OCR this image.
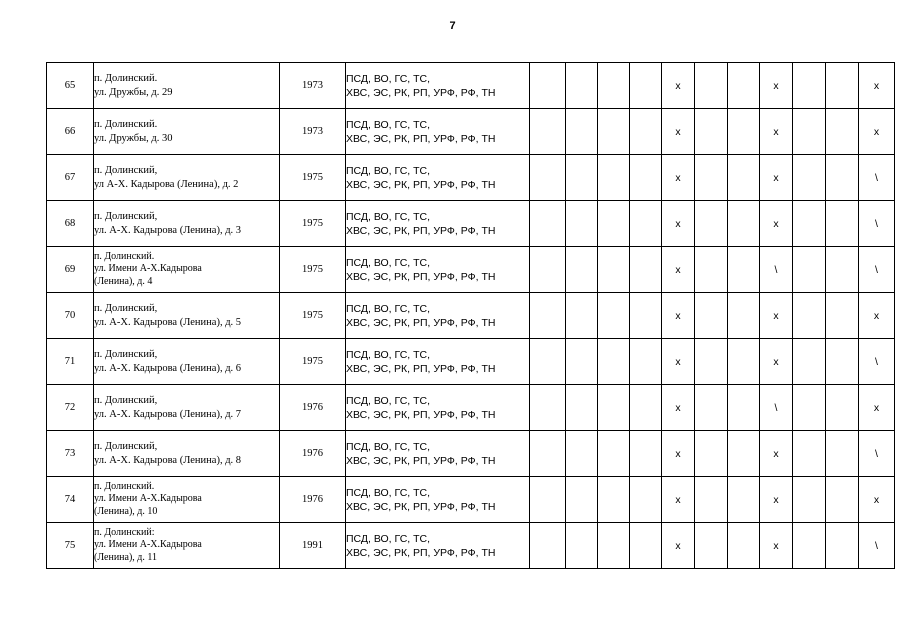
7
65	п. Долинский.
ул. Дружбы, д. 29	1973	ПСД, ВО, ГС, ТС,
ХВС, ЭС, РК, РП, УРФ, РФ, ТН					х			х			х
66	п. Долинский.
ул. Дружбы, д. 30	1973	ПСД, ВО, ГС, ТС,
ХВС, ЭС, РК, РП, УРФ, РФ, ТН					х			х			х
67	п. Долинский,
ул А-Х. Кадырова (Ленина), д. 2	1975	ПСД, ВО, ГС, ТС,
ХВС, ЭС, РК, РП, УРФ, РФ, ТН					х			х			\
68	п. Долинский,
ул. А-Х. Кадырова (Ленина), д. 3	1975	ПСД, ВО, ГС, ТС,
ХВС, ЭС, РК, РП, УРФ, РФ, ТН					х			х			\
69	п. Долинский.
ул. Имени А-Х.Кадырова
(Ленина), д. 4	1975	ПСД, ВО, ГС, ТС,
ХВС, ЭС, РК, РП, УРФ, РФ, ТН					х			\			\
70	п. Долинский,
ул. А-Х. Кадырова (Ленина), д. 5	1975	ПСД, ВО, ГС, ТС,
ХВС, ЭС, РК, РП, УРФ, РФ, ТН					х			х			х
71	п. Долинский,
ул. А-Х. Кадырова (Ленина), д. 6	1975	ПСД, ВО, ГС, ТС,
ХВС, ЭС, РК, РП, УРФ, РФ, ТН					х			х			\
72	п. Долинский,
ул. А-Х. Кадырова (Ленина), д. 7	1976	ПСД, ВО, ГС, ТС,
ХВС, ЭС, РК, РП, УРФ, РФ, ТН					х			\			х
73	п. Долинский,
ул. А-Х. Кадырова (Ленина), д. 8	1976	ПСД, ВО, ГС, ТС,
ХВС, ЭС, РК, РП, УРФ, РФ, ТН					х			х			\
74	п. Долинский.
ул. Имени А-Х.Кадырова
(Ленина), д. 10	1976	ПСД, ВО, ГС, ТС,
ХВС, ЭС, РК, РП, УРФ, РФ, ТН					х			х			х
75	п. Долинский:
ул. Имени А-Х.Кадырова
(Ленина), д. 11	1991	ПСД, ВО, ГС, ТС,
ХВС, ЭС, РК, РП, УРФ, РФ, ТН					х			х			\
